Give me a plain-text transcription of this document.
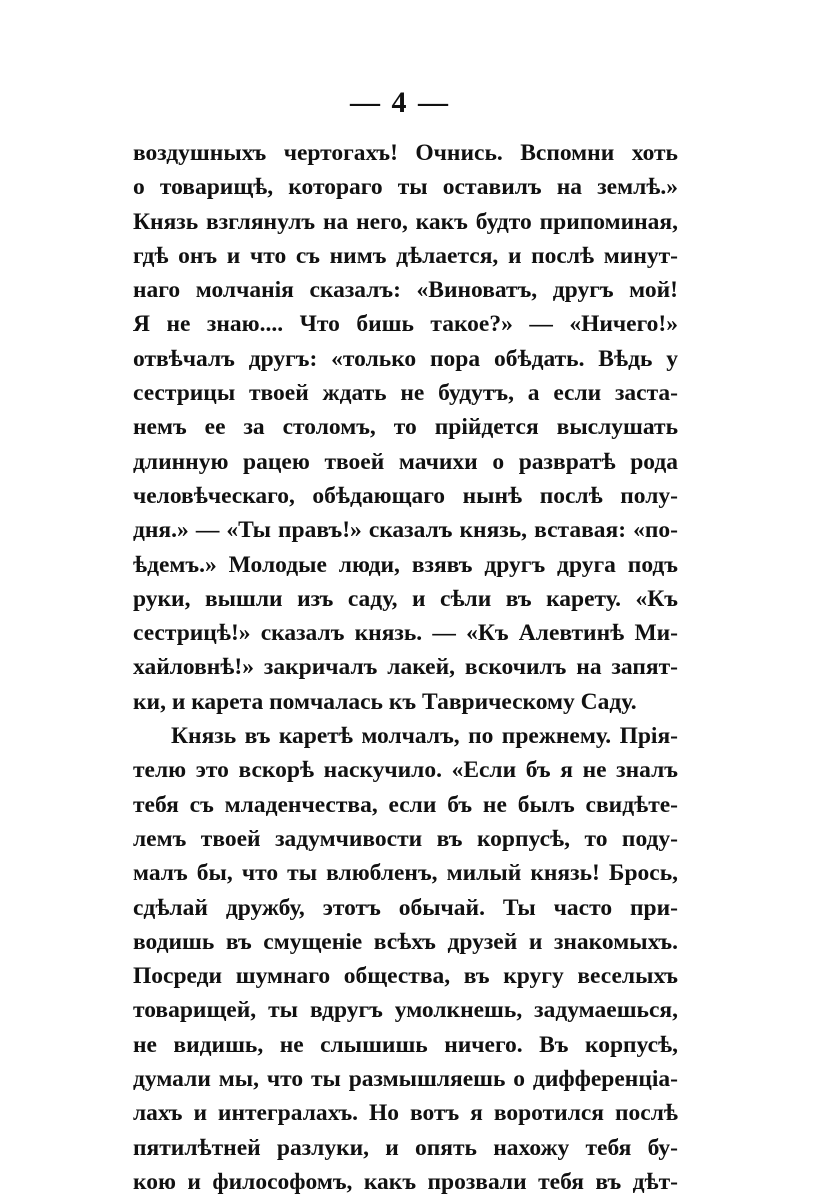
— 4 —
воздушныхъ чертогахъ! Очнись. Вспомни хоть
о товарищѣ, котораго ты оставилъ на землѣ.»
Князь взглянулъ на него, какъ будто припоминая,
гдѣ онъ и что съ нимъ дѣлается, и послѣ минут-
наго молчанія сказалъ: «Виноватъ, другъ мой!
Я не знаю.... Что бишь такое?» — «Ничего!»
отвѣчалъ другъ: «только пора обѣдать. Вѣдь у
сестрицы твоей ждать не будутъ, а если заста-
немъ ее за столомъ, то прійдется выслушать
длинную рацею твоей мачихи о развратѣ рода
человѣческаго, обѣдающаго нынѣ послѣ полу-
дня.» — «Ты правъ!» сказалъ князь, вставая: «по-
ѣдемъ.» Молодые люди, взявъ другъ друга подъ
руки, вышли изъ саду, и сѣли въ карету. «Къ
сестрицѣ!» сказалъ князь. — «Къ Алевтинѣ Ми-
хайловнѣ!» закричалъ лакей, вскочилъ на запят-
ки, и карета помчалась къ Таврическому Саду.
Князь въ каретѣ молчалъ, по прежнему. Прія-
телю это вскорѣ наскучило. «Если бъ я не зналъ
тебя съ младенчества, если бъ не былъ свидѣте-
лемъ твоей задумчивости въ корпусѣ, то поду-
малъ бы, что ты влюбленъ, милый князь! Брось,
сдѣлай дружбу, этотъ обычай. Ты часто при-
водишь въ смущеніе всѣхъ друзей и знакомыхъ.
Посреди шумнаго общества, въ кругу веселыхъ
товарищей, ты вдругъ умолкнешь, задумаешься,
не видишь, не слышишь ничего. Въ корпусѣ,
думали мы, что ты размышляешь о дифференціа-
лахъ и интегралахъ. Но вотъ я воротился послѣ
пятилѣтней разлуки, и опять нахожу тебя бу-
кою и философомъ, какъ прозвали тебя въ дѣт-
